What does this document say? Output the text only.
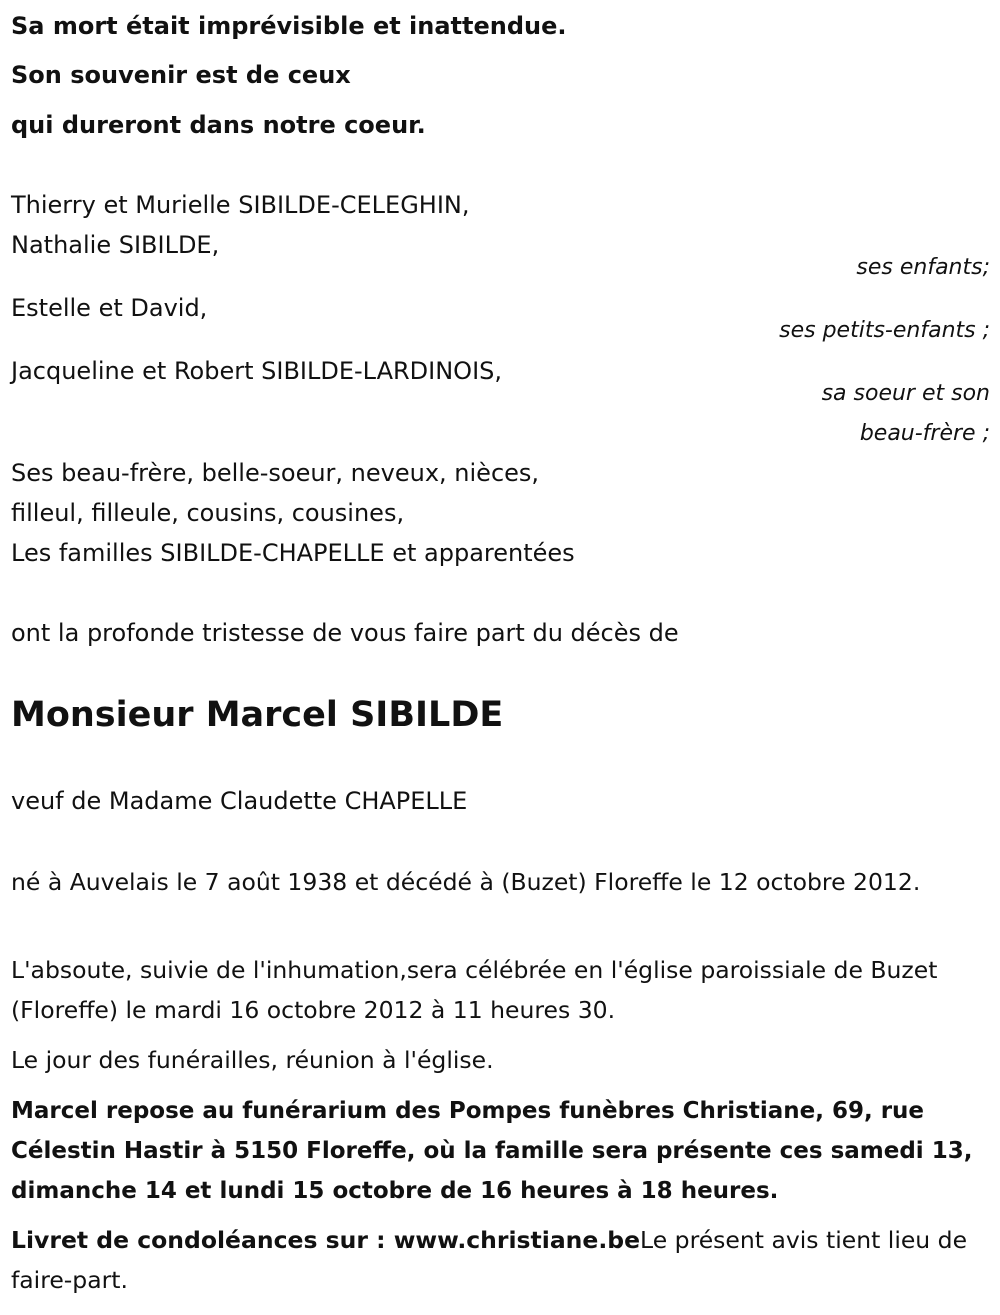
Sa mort était imprévisible et inattendue.
Son souvenir est de ceux
qui dureront dans notre coeur.
Thierry et Murielle SIBILDE-CELEGHIN,
Nathalie SIBILDE,
ses enfants;
Estelle et David,
ses petits-enfants ;
Jacqueline et Robert SIBILDE-LARDINOIS,
sa soeur et son
beau-frère ;
Ses beau-frère, belle-soeur, neveux, nièces,
filleul, filleule, cousins, cousines,
Les familles SIBILDE-CHAPELLE et apparentées
ont la profonde tristesse de vous faire part du décès de
Monsieur Marcel SIBILDE
veuf de Madame Claudette CHAPELLE
né à Auvelais le 7 août 1938 et décédé à (Buzet) Floreffe le 12 octobre 2012.
L'absoute, suivie de l'inhumation,sera célébrée en l'église paroissiale de Buzet (Floreffe) le mardi 16 octobre 2012 à 11 heures 30.
Le jour des funérailles, réunion à l'église.
Marcel repose au funérarium des Pompes funèbres Christiane, 69, rue Célestin Hastir à 5150 Floreffe, où la famille sera présente ces samedi 13, dimanche 14 et lundi 15 octobre de 16 heures à 18 heures.
Livret de condoléances sur : www.christiane.beLe présent avis tient lieu de faire-part.
